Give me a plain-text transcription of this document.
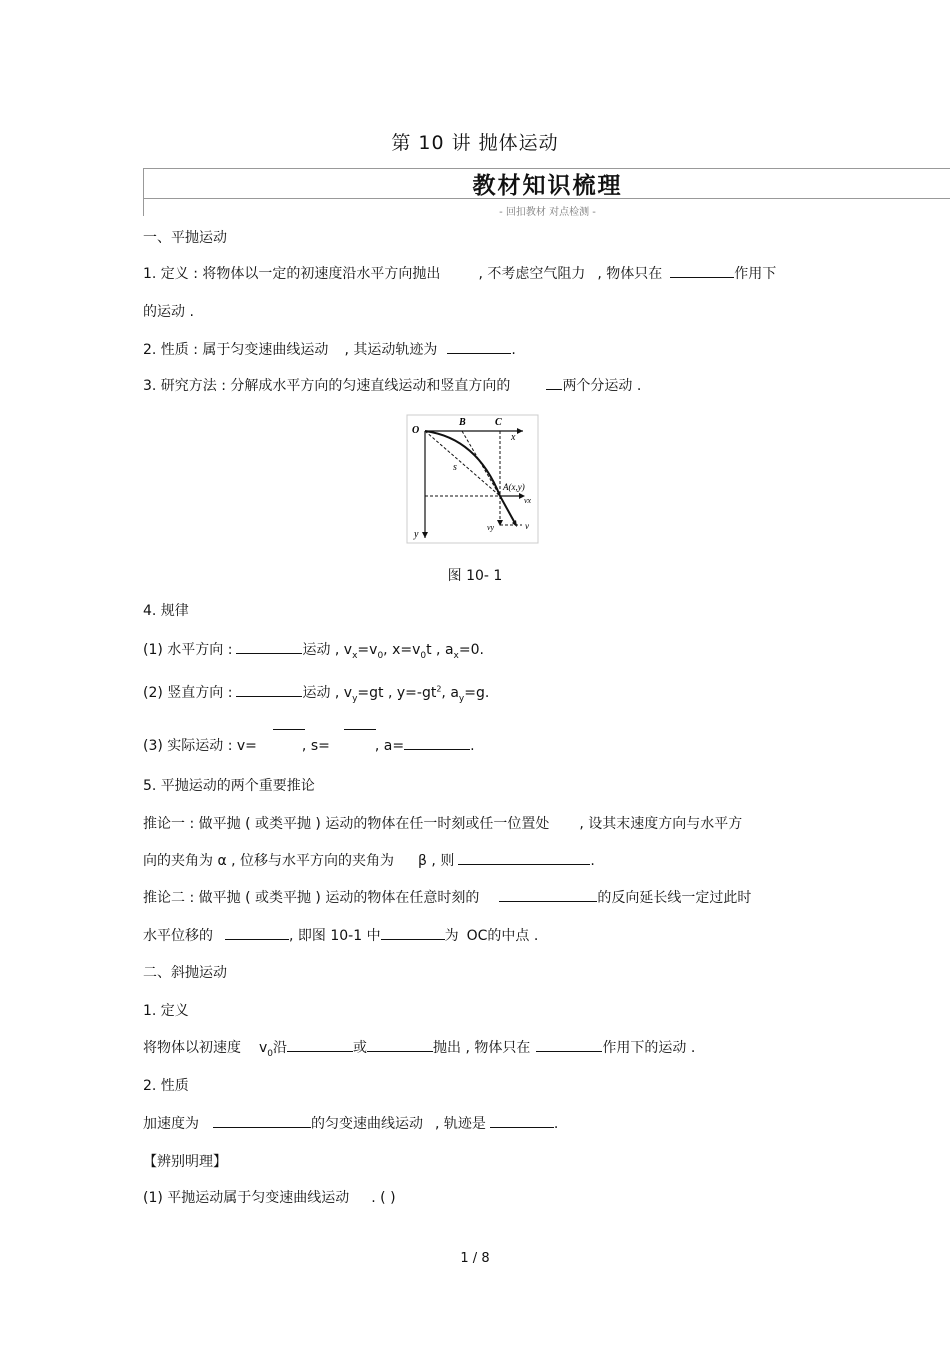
第 10 讲 抛体运动
教材知识梳理
- 回扣教材 对点检测 -
一、平抛运动
1. 定义 : 将物体以一定的初速度沿水平方向抛出	, 不考虑空气阻力 , 物体只在	作用下
的运动 .
2. 性质 : 属于匀变速曲线运动 , 其运动轨迹为	.
3. 研究方法 : 分解成水平方向的匀速直线运动和竖直方向的	两个分运动 .
O
B	C
x
y
s
A(x,y)
vx
vy	v
图 10- 1
4. 规律
(1) 水平方向 :	运动 , $v_x=v_0$, $x=v_0t$ , $a_x=0$.
(2) 竖直方向 :	运动 , $v_y=gt$ , $y=-gt^2$, $a_y=g$.
(3) 实际运动 : v=	, s=	, a=	.
5. 平抛运动的两个重要推论
推论一 : 做平抛 ( 或类平抛 ) 运动的物体在任一时刻或任一位置处 , 设其末速度方向与水平方
向的夹角为 α , 位移与水平方向的夹角为 β , 则	.
推论二 : 做平抛 ( 或类平抛 ) 运动的物体在任意时刻的	的反向延长线一定过此时
水平位移的	, 即图 10-1 中	为 OC的中点 .
二、斜抛运动
1. 定义
将物体以初速度 $v_0$沿	或	抛出 , 物体只在	作用下的运动 .
2. 性质
加速度为	的匀变速曲线运动 , 轨迹是	.
【辨别明理】
(1) 平抛运动属于匀变速曲线运动 . ( )
1 / 8
